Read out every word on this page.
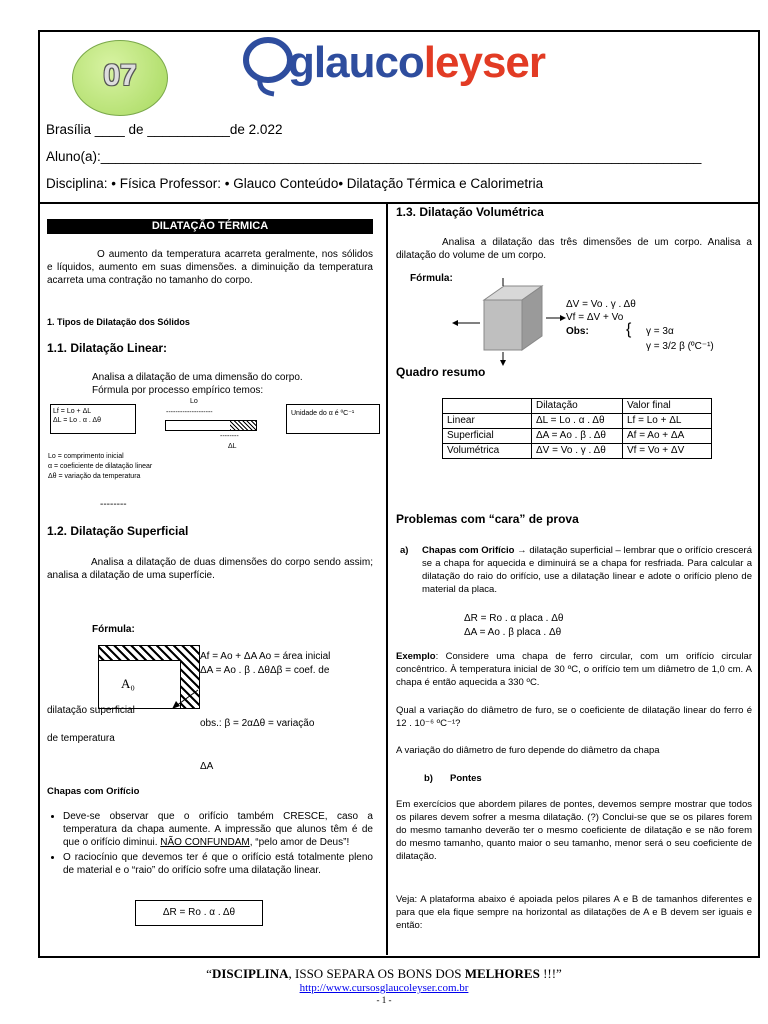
07	glaucoleyser
Brasília ____ de ___________de 2.022
Aluno(a):________________________________________________________________________________
Disciplina: • Física Professor: • Glauco Conteúdo• Dilatação Térmica e Calorimetria
DILATAÇÃO TÉRMICA
O aumento da temperatura acarreta geralmente, nos sólidos e líquidos, aumento em suas dimensões. a diminuição da temperatura acarreta uma contração no tamanho do corpo.
1. Tipos de Dilatação dos Sólidos
1.1. Dilatação Linear:
Analisa a dilatação de uma dimensão do corpo.
Fórmula por processo empírico temos:
Lf = Lo + ΔL
ΔL = Lo . α . Δθ
Lo
--------------------
--------
ΔL
Unidade do α é ºC⁻¹
Lo = comprimento inicial
α = coeficiente de dilatação linear
Δθ = variação da temperatura
--------
1.2. Dilatação Superficial
Analisa a dilatação de duas dimensões do corpo sendo assim; analisa a dilatação de uma superfície.
Fórmula:
A₀
Af = Ao + ΔA Ao = área inicial
ΔA = Ao . β . ΔθΔβ = coef. de
dilatação superficial
obs.: β = 2αΔθ = variação
de temperatura
ΔA
Chapas com Orifício
• Deve-se observar que o orifício também CRESCE, caso a temperatura da chapa aumente. A impressão que alunos têm é de que o orifício diminui. NÃO CONFUNDAM, “pelo amor de Deus”!
• O raciocínio que devemos ter é que o orifício está totalmente pleno de material e o “raio” do orifício sofre uma dilatação linear.
ΔR = Ro . α . Δθ
1.3. Dilatação Volumétrica
Analisa a dilatação das três dimensões de um corpo. Analisa a dilatação do volume de um corpo.
Fórmula:
ΔV = Vo . γ . Δθ
Vf = ΔV + Vo
Obs: { γ = 3α
γ = 3/2 β (ºC⁻¹)
Quadro resumo
	Dilatação	Valor final
Linear	ΔL = Lo . α . Δθ	Lf = Lo + ΔL
Superficial	ΔA = Ao . β . Δθ	Af = Ao + ΔA
Volumétrica	ΔV = Vo . γ . Δθ	Vf = Vo + ΔV
Problemas com “cara” de prova
a)	Chapas com Orifício → dilatação superficial – lembrar que o orifício crescerá se a chapa for aquecida e diminuirá se a chapa for resfriada. Para calcular a dilatação do raio do orifício, use a dilatação linear e adote o orifício pleno de material da placa.
ΔR = Ro . α placa . Δθ
ΔA = Ao . β placa . Δθ
Exemplo: Considere uma chapa de ferro circular, com um orifício circular concêntrico. À temperatura inicial de 30 ºC, o orifício tem um diâmetro de 1,0 cm. A chapa é então aquecida a 330 ºC.
Qual a variação do diâmetro de furo, se o coeficiente de dilatação linear do ferro é 12 . 10⁻⁶ ºC⁻¹?
A variação do diâmetro de furo depende do diâmetro da chapa
b) Pontes
Em exercícios que abordem pilares de pontes, devemos sempre mostrar que todos os pilares devem sofrer a mesma dilatação. (?) Conclui-se que se os pilares forem do mesmo tamanho deverão ter o mesmo coeficiente de dilatação e se não forem do mesmo tamanho, quanto maior o seu tamanho, menor será o seu coeficiente de dilatação.
Veja: A plataforma abaixo é apoiada pelos pilares A e B de tamanhos diferentes e para que ela fique sempre na horizontal as dilatações de A e B devem ser iguais e então:
“DISCIPLINA, ISSO SEPARA OS BONS DOS MELHORES !!!”
http://www.cursosglaucoleyser.com.br
- 1 -
